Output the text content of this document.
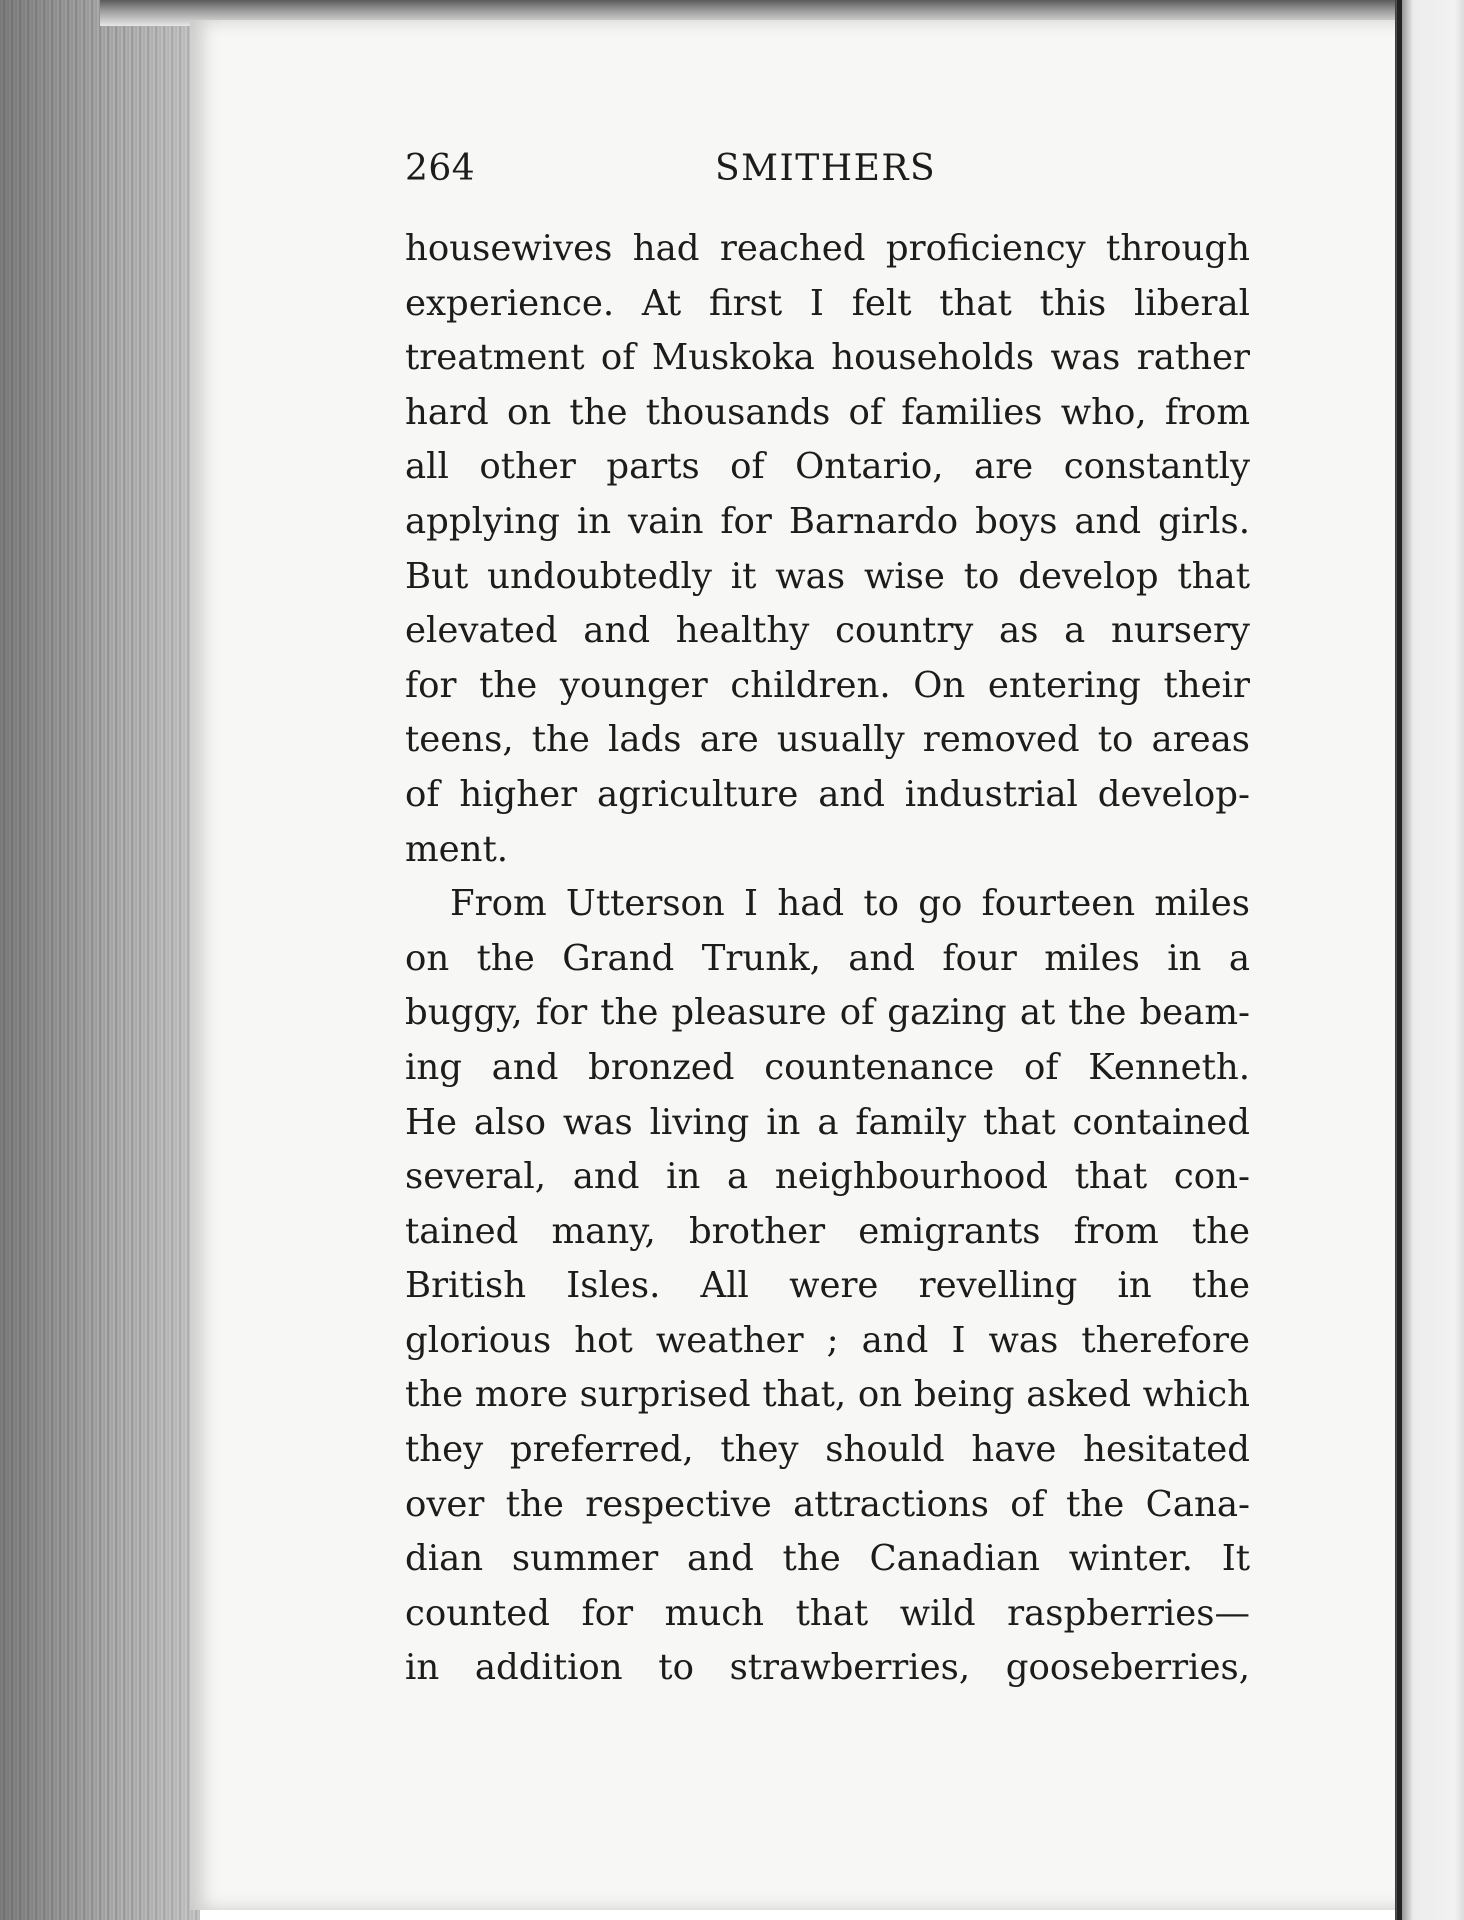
264	SMITHERS
housewives had reached proficiency through
experience. At first I felt that this liberal
treatment of Muskoka households was rather
hard on the thousands of families who, from
all other parts of Ontario, are constantly
applying in vain for Barnardo boys and girls.
But undoubtedly it was wise to develop that
elevated and healthy country as a nursery
for the younger children. On entering their
teens, the lads are usually removed to areas
of higher agriculture and industrial develop-
ment.
From Utterson I had to go fourteen miles
on the Grand Trunk, and four miles in a
buggy, for the pleasure of gazing at the beam-
ing and bronzed countenance of Kenneth.
He also was living in a family that contained
several, and in a neighbourhood that con-
tained many, brother emigrants from the
British Isles. All were revelling in the
glorious hot weather ; and I was therefore
the more surprised that, on being asked which
they preferred, they should have hesitated
over the respective attractions of the Cana-
dian summer and the Canadian winter. It
counted for much that wild raspberries—
in addition to strawberries, gooseberries,
